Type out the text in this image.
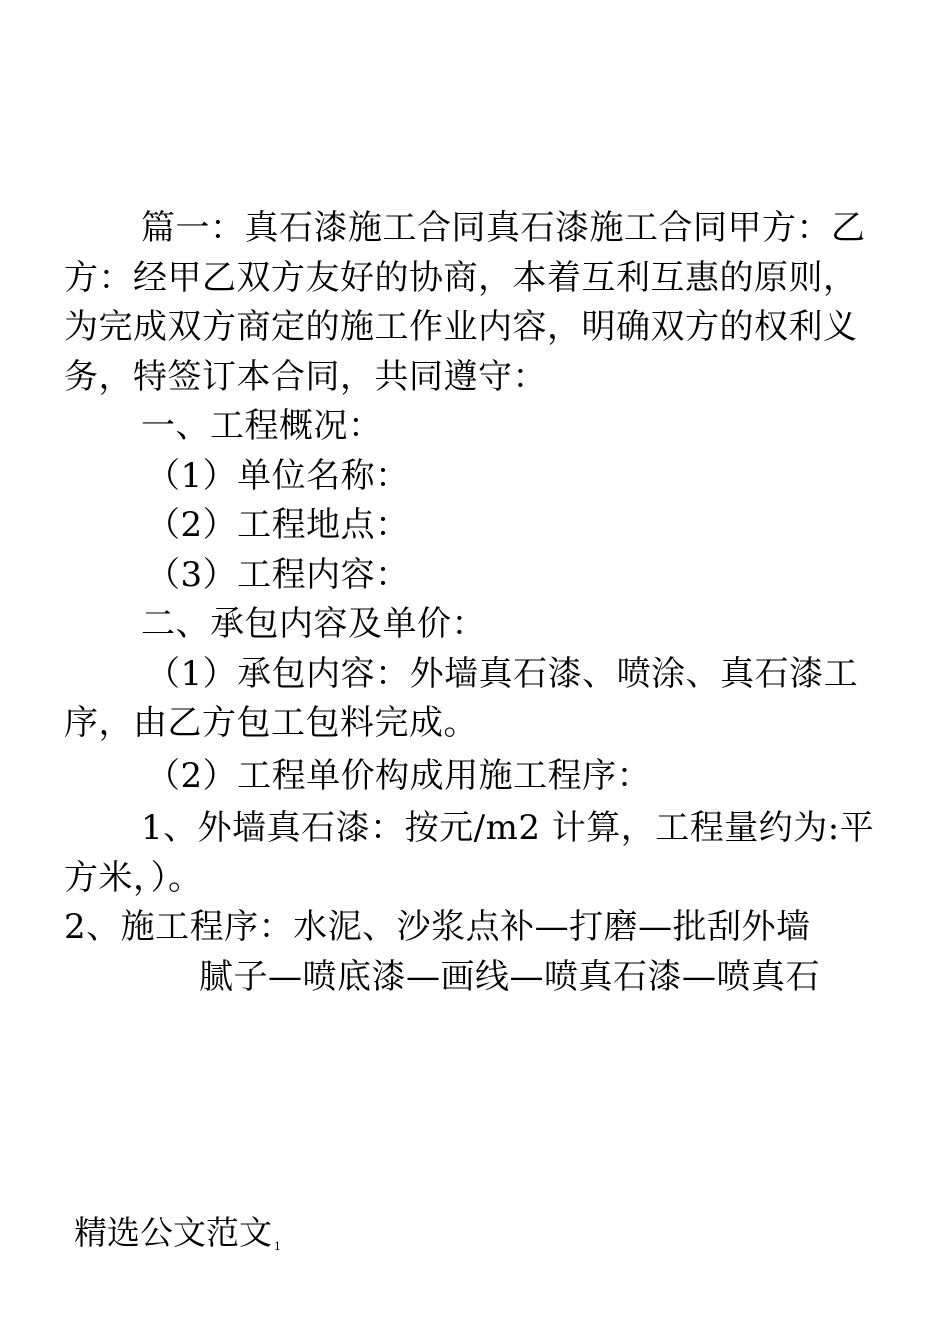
篇一：真石漆施工合同真石漆施工合同甲方：乙方：经甲乙双方友好的协商，本着互利互惠的原则，为完成双方商定的施工作业内容，明确双方的权利义务，特签订本合同，共同遵守：

一、工程概况：

（1）单位名称：

（2）工程地点：

（3）工程内容：

二、承包内容及单价：

（1）承包内容：外墙真石漆、喷涂、真石漆工序，由乙方包工包料完成。

（2）工程单价构成用施工程序：

1、外墙真石漆：按元/m2 计算，工程量约为:平方米，）。

2、施工程序：水泥、沙浆点补—打磨—批刮外墙

腻子—喷底漆—画线—喷真石漆—喷真石

精选公文范文 1
